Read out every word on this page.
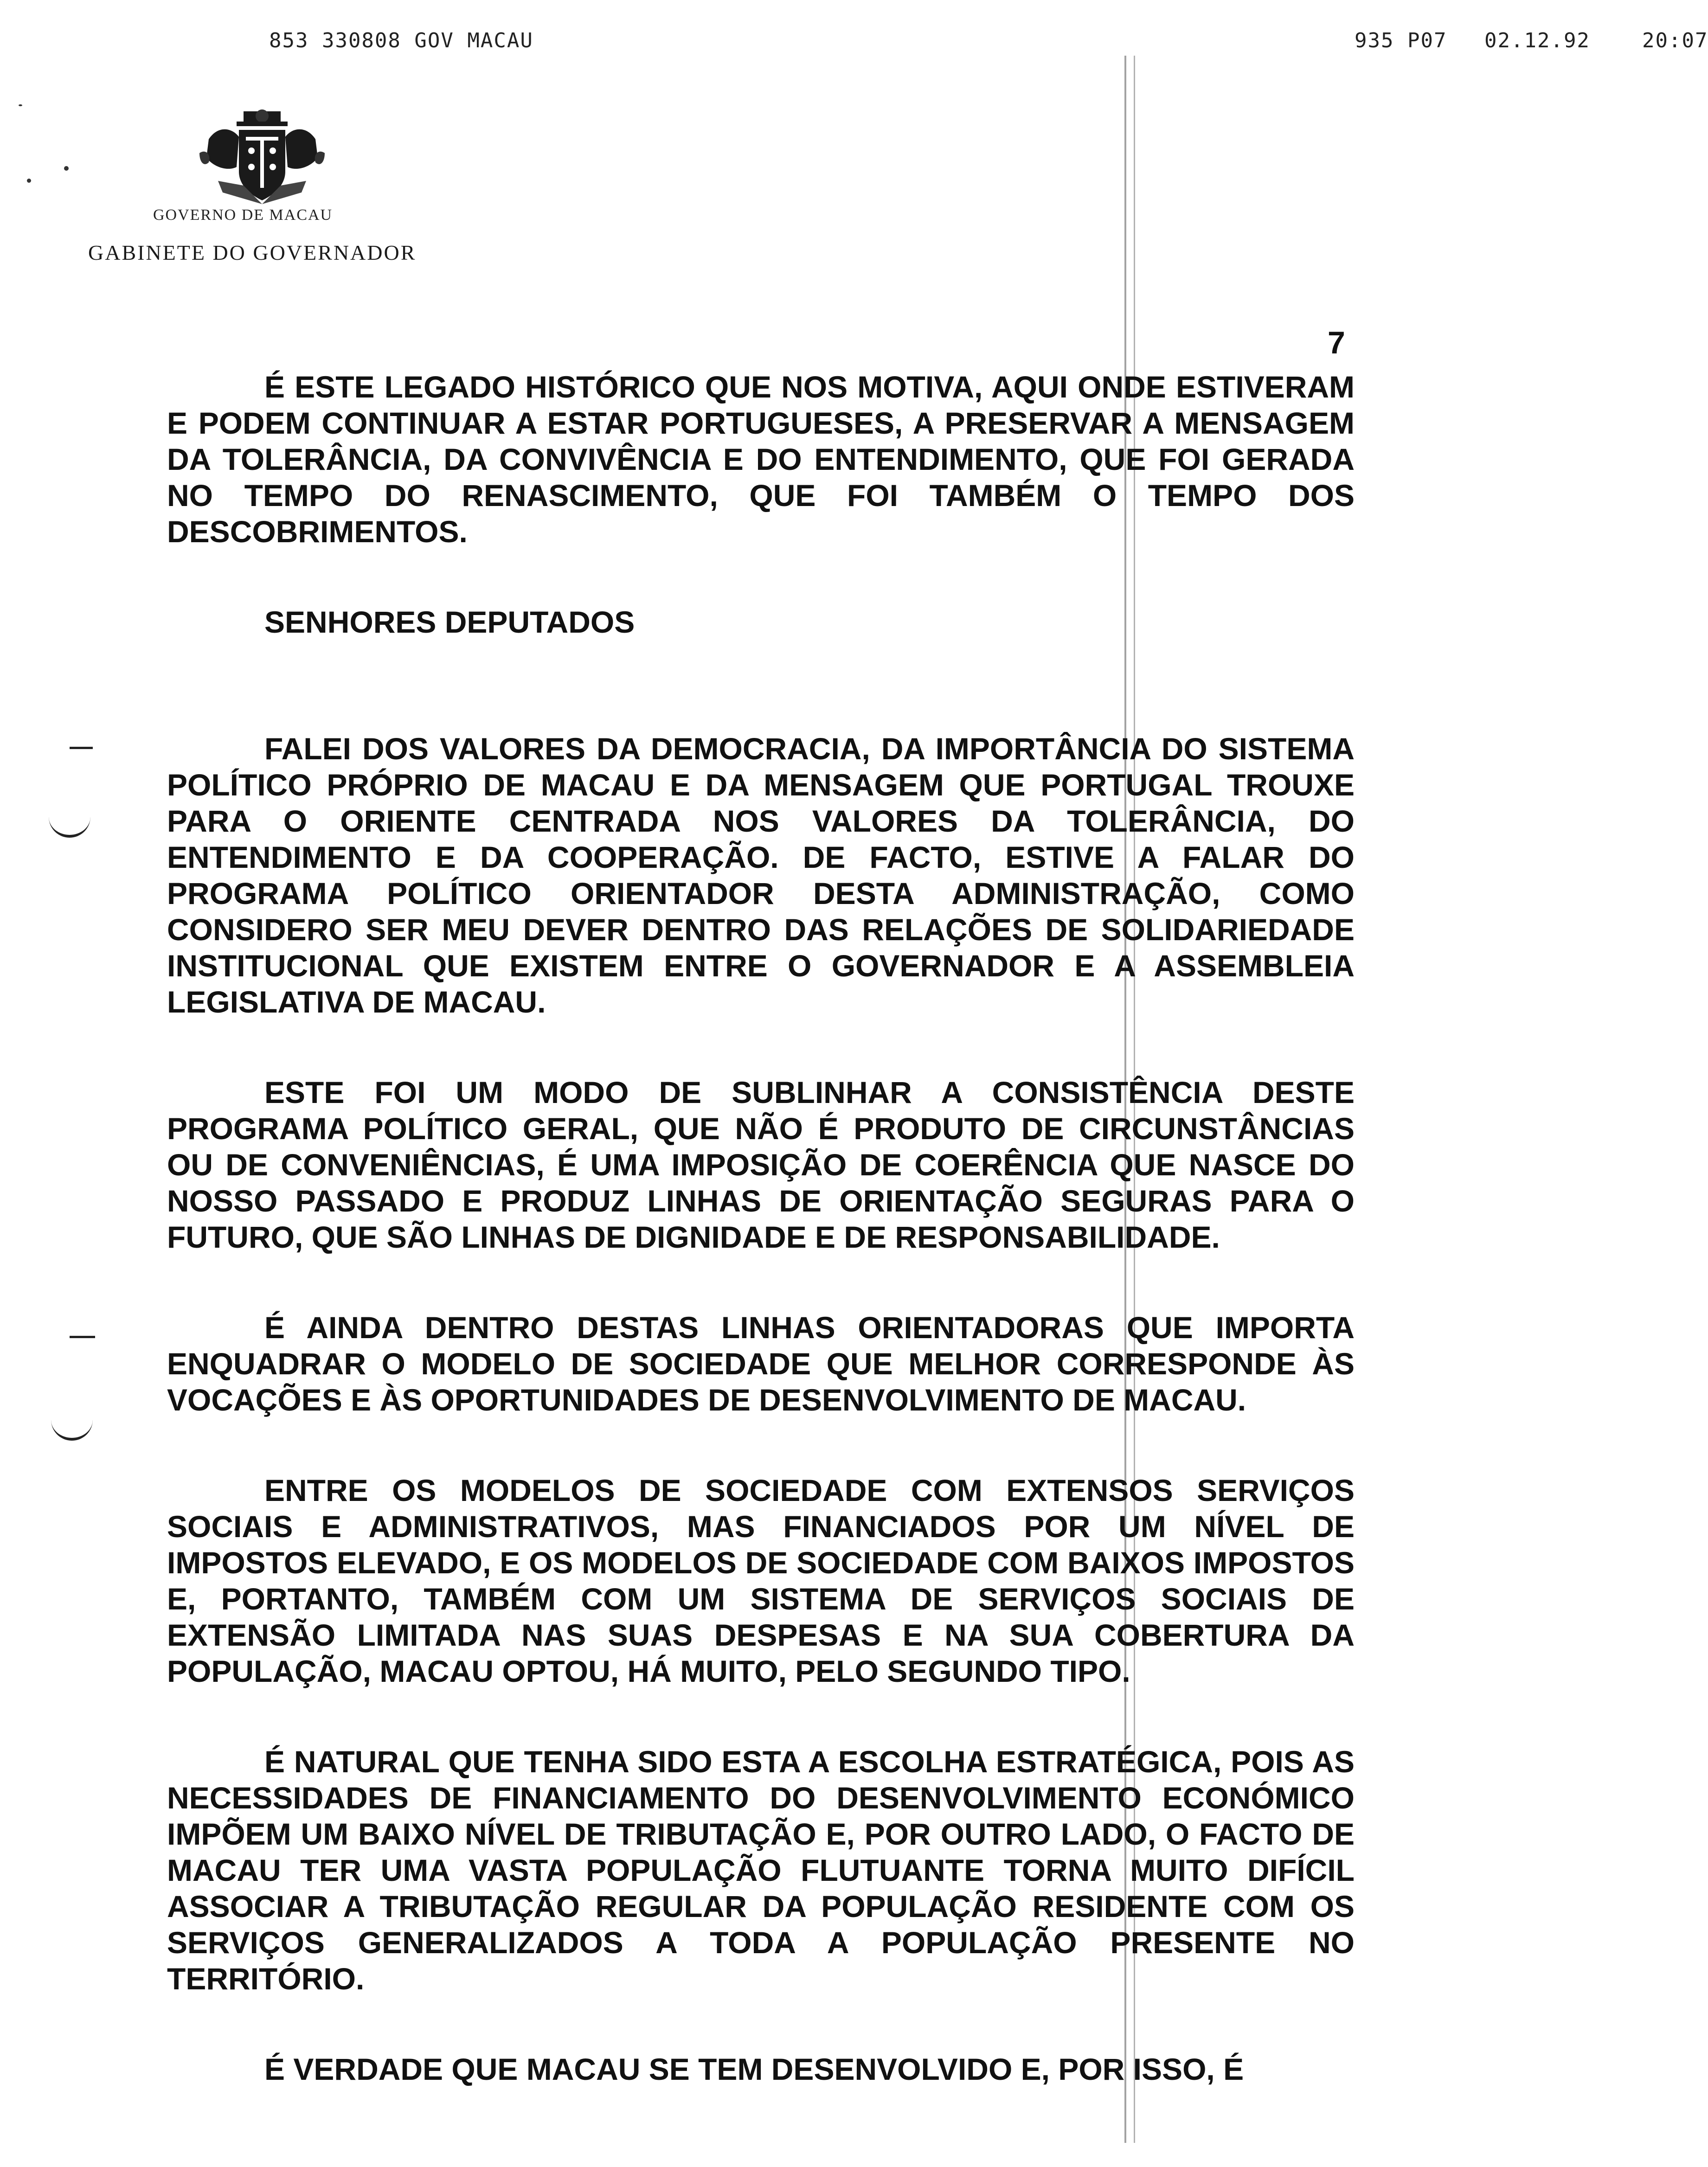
853 330808 GOV MACAU	935 P07 02.12.92	20:07
GOVERNO DE MACAU
GABINETE DO GOVERNADOR
7

É ESTE LEGADO HISTÓRICO QUE NOS MOTIVA, AQUI ONDE ESTIVERAM E PODEM CONTINUAR A ESTAR PORTUGUESES, A PRESERVAR A MENSAGEM DA TOLERÂNCIA, DA CONVIVÊNCIA E DO ENTENDIMENTO, QUE FOI GERADA NO TEMPO DO RENASCIMENTO, QUE FOI TAMBÉM O TEMPO DOS DESCOBRIMENTOS.

SENHORES DEPUTADOS

FALEI DOS VALORES DA DEMOCRACIA, DA IMPORTÂNCIA DO SISTEMA POLÍTICO PRÓPRIO DE MACAU E DA MENSAGEM QUE PORTUGAL TROUXE PARA O ORIENTE CENTRADA NOS VALORES DA TOLERÂNCIA, DO ENTENDIMENTO E DA COOPERAÇÃO. DE FACTO, ESTIVE A FALAR DO PROGRAMA POLÍTICO ORIENTADOR DESTA ADMINISTRAÇÃO, COMO CONSIDERO SER MEU DEVER DENTRO DAS RELAÇÕES DE SOLIDARIEDADE INSTITUCIONAL QUE EXISTEM ENTRE O GOVERNADOR E A ASSEMBLEIA LEGISLATIVA DE MACAU.

ESTE FOI UM MODO DE SUBLINHAR A CONSISTÊNCIA DESTE PROGRAMA POLÍTICO GERAL, QUE NÃO É PRODUTO DE CIRCUNSTÂNCIAS OU DE CONVENIÊNCIAS, É UMA IMPOSIÇÃO DE COERÊNCIA QUE NASCE DO NOSSO PASSADO E PRODUZ LINHAS DE ORIENTAÇÃO SEGURAS PARA O FUTURO, QUE SÃO LINHAS DE DIGNIDADE E DE RESPONSABILIDADE.

É AINDA DENTRO DESTAS LINHAS ORIENTADORAS QUE IMPORTA ENQUADRAR O MODELO DE SOCIEDADE QUE MELHOR CORRESPONDE ÀS VOCAÇÕES E ÀS OPORTUNIDADES DE DESENVOLVIMENTO DE MACAU.

ENTRE OS MODELOS DE SOCIEDADE COM EXTENSOS SERVIÇOS SOCIAIS E ADMINISTRATIVOS, MAS FINANCIADOS POR UM NÍVEL DE IMPOSTOS ELEVADO, E OS MODELOS DE SOCIEDADE COM BAIXOS IMPOSTOS E, PORTANTO, TAMBÉM COM UM SISTEMA DE SERVIÇOS SOCIAIS DE EXTENSÃO LIMITADA NAS SUAS DESPESAS E NA SUA COBERTURA DA POPULAÇÃO, MACAU OPTOU, HÁ MUITO, PELO SEGUNDO TIPO.

É NATURAL QUE TENHA SIDO ESTA A ESCOLHA ESTRATÉGICA, POIS AS NECESSIDADES DE FINANCIAMENTO DO DESENVOLVIMENTO ECONÓMICO IMPÕEM UM BAIXO NÍVEL DE TRIBUTAÇÃO E, POR OUTRO LADO, O FACTO DE MACAU TER UMA VASTA POPULAÇÃO FLUTUANTE TORNA MUITO DIFÍCIL ASSOCIAR A TRIBUTAÇÃO REGULAR DA POPULAÇÃO RESIDENTE COM OS SERVIÇOS GENERALIZADOS A TODA A POPULAÇÃO PRESENTE NO TERRITÓRIO.

É VERDADE QUE MACAU SE TEM DESENVOLVIDO E, POR ISSO, É
